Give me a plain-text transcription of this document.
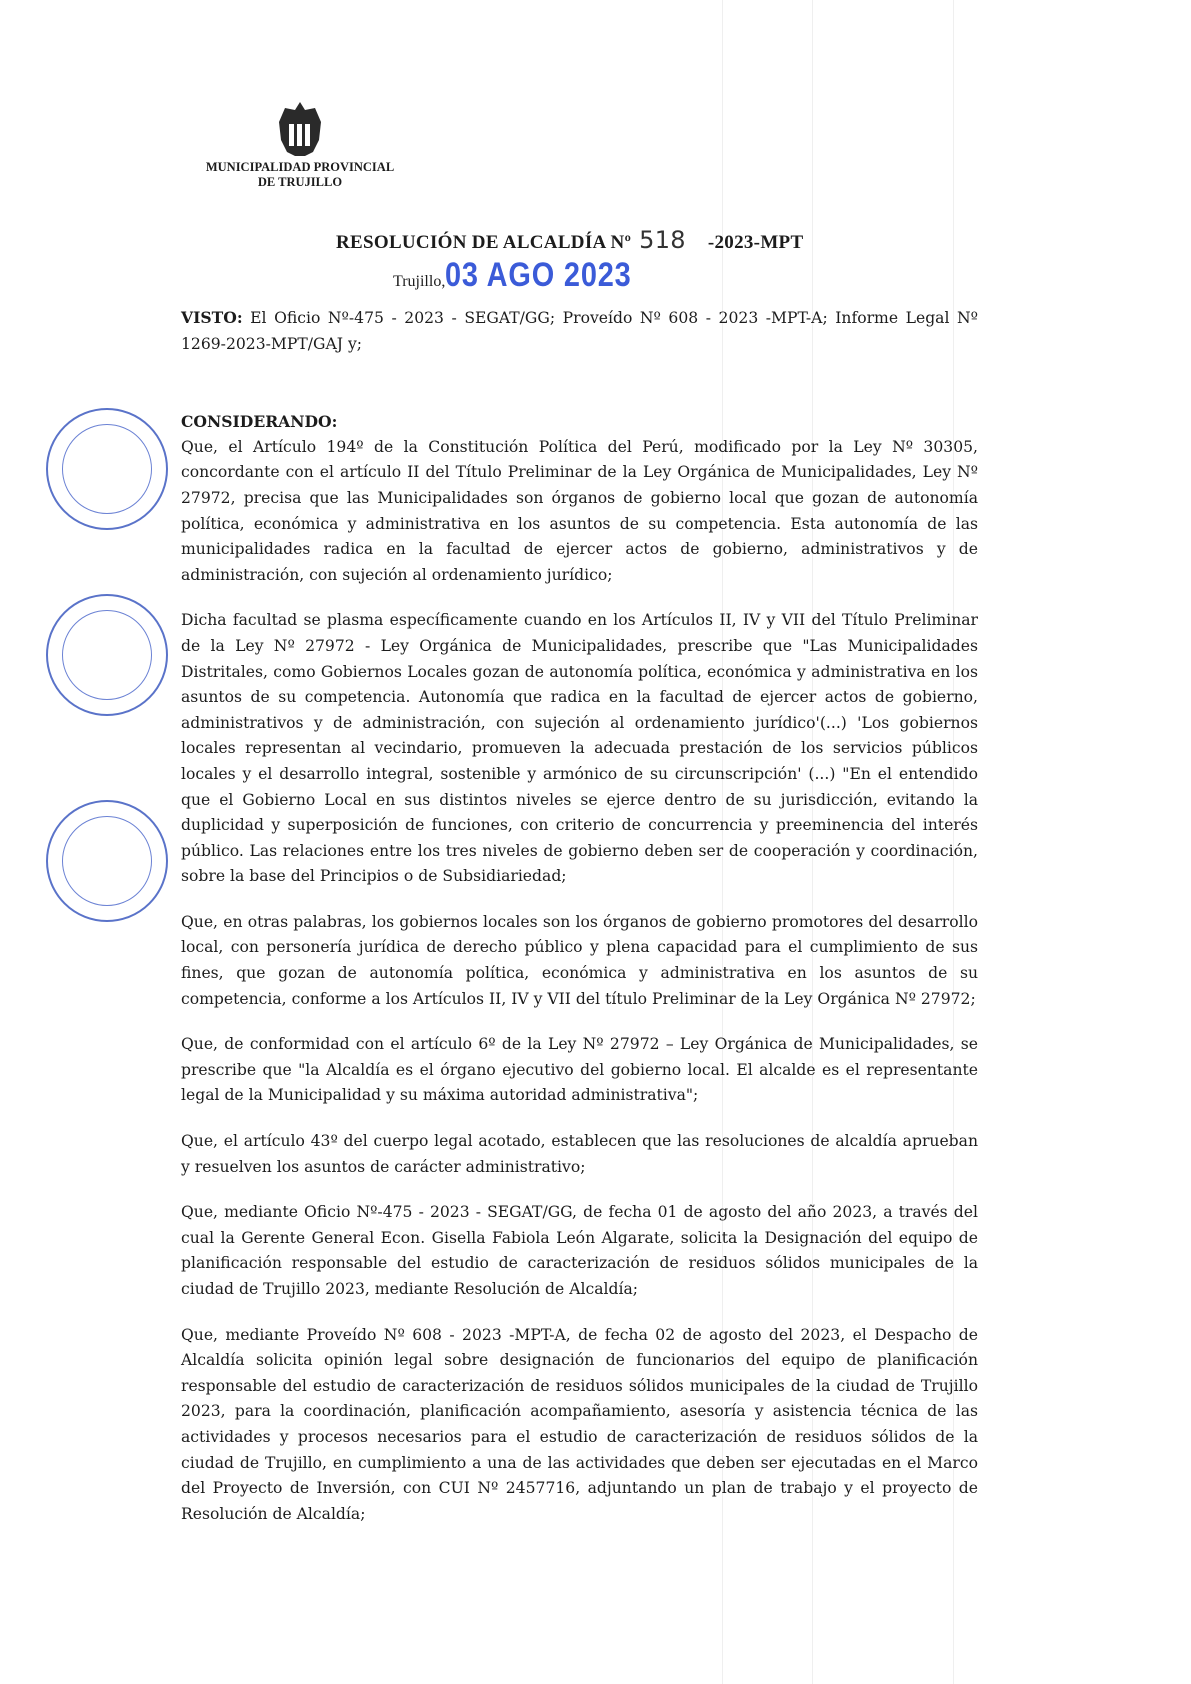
MUNICIPALIDAD PROVINCIAL
DE TRUJILLO
RESOLUCIÓN DE ALCALDÍA Nº 518 -2023-MPT
Trujillo,03 AGO 2023

VISTO: El Oficio Nº-475 - 2023 - SEGAT/GG; Proveído Nº 608 - 2023 -MPT-A; Informe Legal Nº 1269-2023-MPT/GAJ y;

CONSIDERANDO:

Que, el Artículo 194º de la Constitución Política del Perú, modificado por la Ley Nº 30305, concordante con el artículo II del Título Preliminar de la Ley Orgánica de Municipalidades, Ley Nº 27972, precisa que las Municipalidades son órganos de gobierno local que gozan de autonomía política, económica y administrativa en los asuntos de su competencia. Esta autonomía de las municipalidades radica en la facultad de ejercer actos de gobierno, administrativos y de administración, con sujeción al ordenamiento jurídico;

Dicha facultad se plasma específicamente cuando en los Artículos II, IV y VII del Título Preliminar de la Ley Nº 27972 - Ley Orgánica de Municipalidades, prescribe que "Las Municipalidades Distritales, como Gobiernos Locales gozan de autonomía política, económica y administrativa en los asuntos de su competencia. Autonomía que radica en la facultad de ejercer actos de gobierno, administrativos y de administración, con sujeción al ordenamiento jurídico'(...) 'Los gobiernos locales representan al vecindario, promueven la adecuada prestación de los servicios públicos locales y el desarrollo integral, sostenible y armónico de su circunscripción' (...) "En el entendido que el Gobierno Local en sus distintos niveles se ejerce dentro de su jurisdicción, evitando la duplicidad y superposición de funciones, con criterio de concurrencia y preeminencia del interés público. Las relaciones entre los tres niveles de gobierno deben ser de cooperación y coordinación, sobre la base del Principios o de Subsidiariedad;

Que, en otras palabras, los gobiernos locales son los órganos de gobierno promotores del desarrollo local, con personería jurídica de derecho público y plena capacidad para el cumplimiento de sus fines, que gozan de autonomía política, económica y administrativa en los asuntos de su competencia, conforme a los Artículos II, IV y VII del título Preliminar de la Ley Orgánica Nº 27972;

Que, de conformidad con el artículo 6º de la Ley Nº 27972 – Ley Orgánica de Municipalidades, se prescribe que "la Alcaldía es el órgano ejecutivo del gobierno local. El alcalde es el representante legal de la Municipalidad y su máxima autoridad administrativa";

Que, el artículo 43º del cuerpo legal acotado, establecen que las resoluciones de alcaldía aprueban y resuelven los asuntos de carácter administrativo;

Que, mediante Oficio Nº-475 - 2023 - SEGAT/GG, de fecha 01 de agosto del año 2023, a través del cual la Gerente General Econ. Gisella Fabiola León Algarate, solicita la Designación del equipo de planificación responsable del estudio de caracterización de residuos sólidos municipales de la ciudad de Trujillo 2023, mediante Resolución de Alcaldía;

Que, mediante Proveído Nº 608 - 2023 -MPT-A, de fecha 02 de agosto del 2023, el Despacho de Alcaldía solicita opinión legal sobre designación de funcionarios del equipo de planificación responsable del estudio de caracterización de residuos sólidos municipales de la ciudad de Trujillo 2023, para la coordinación, planificación acompañamiento, asesoría y asistencia técnica de las actividades y procesos necesarios para el estudio de caracterización de residuos sólidos de la ciudad de Trujillo, en cumplimiento a una de las actividades que deben ser ejecutadas en el Marco del Proyecto de Inversión, con CUI Nº 2457716, adjuntando un plan de trabajo y el proyecto de Resolución de Alcaldía;
